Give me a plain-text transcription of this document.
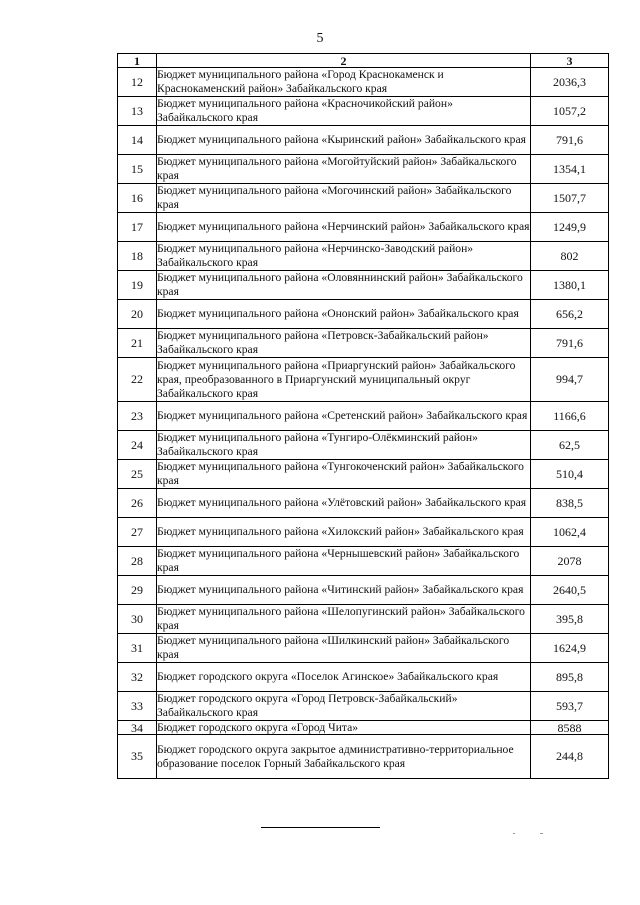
5
1	2	3
12	Бюджет муниципального района «Город Краснокаменск и Краснокаменский район» Забайкальского края	2036,3
13	Бюджет муниципального района «Красночикойский район» Забайкальского края	1057,2
14	Бюджет муниципального района «Кыринский район» Забайкальского края	791,6
15	Бюджет муниципального района «Могойтуйский район» Забайкальского края	1354,1
16	Бюджет муниципального района «Могочинский район» Забайкальского края	1507,7
17	Бюджет муниципального района «Нерчинский район» Забайкальского края	1249,9
18	Бюджет муниципального района «Нерчинско-Заводский район» Забайкальского края	802
19	Бюджет муниципального района «Оловяннинский район» Забайкальского края	1380,1
20	Бюджет муниципального района «Ононский район» Забайкальского края	656,2
21	Бюджет муниципального района «Петровск-Забайкальский район» Забайкальского края	791,6
22	Бюджет муниципального района «Приаргунский район» Забайкальского края, преобразованного в Приаргунский муниципальный округ Забайкальского края	994,7
23	Бюджет муниципального района «Сретенский район» Забайкальского края	1166,6
24	Бюджет муниципального района «Тунгиро-Олёкминский район» Забайкальского края	62,5
25	Бюджет муниципального района «Тунгокоченский район» Забайкальского края	510,4
26	Бюджет муниципального района «Улётовский район» Забайкальского края	838,5
27	Бюджет муниципального района «Хилокский район» Забайкальского края	1062,4
28	Бюджет муниципального района «Чернышевский район» Забайкальского края	2078
29	Бюджет муниципального района «Читинский район» Забайкальского края	2640,5
30	Бюджет муниципального района «Шелопугинский район» Забайкальского края	395,8
31	Бюджет муниципального района «Шилкинский район» Забайкальского края	1624,9
32	Бюджет городского округа «Поселок Агинское» Забайкальского края	895,8
33	Бюджет городского округа «Город Петровск-Забайкальский» Забайкальского края	593,7
34	Бюджет городского округа «Город Чита»	8588
35	Бюджет городского округа закрытое административно-территориальное образование поселок Горный Забайкальского края	244,8
